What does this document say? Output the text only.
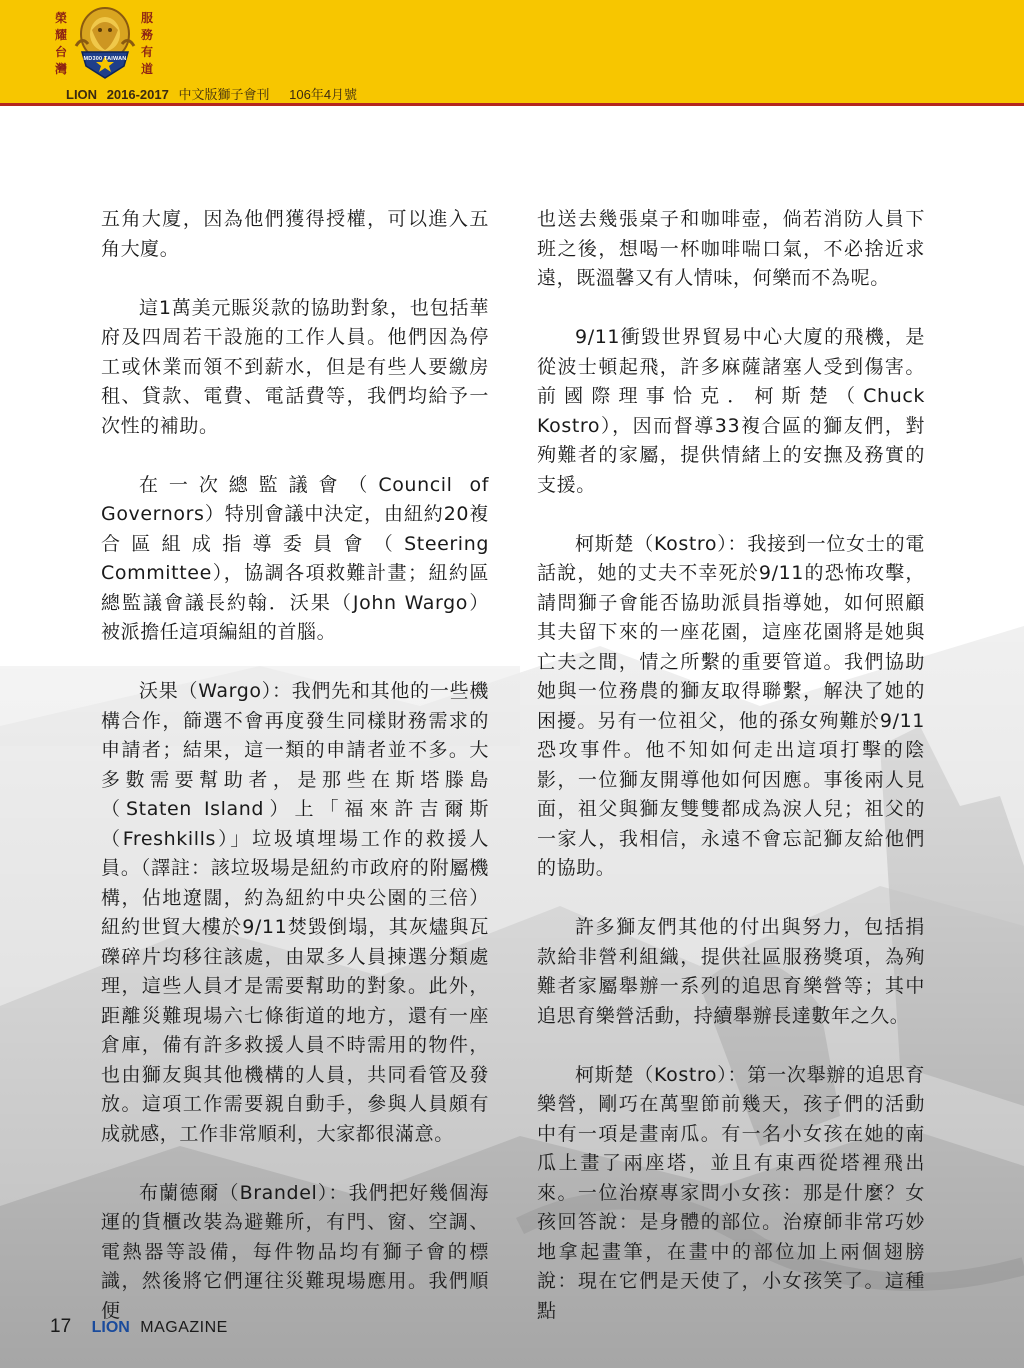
榮
耀
台
灣
MD300 TAIWAN
服
務
有
道
LION 2016-2017 中文版獅子會刊 106年4月號

五角大廈，因為他們獲得授權，可以進入五角大廈。

這1萬美元賑災款的協助對象，也包括華府及四周若干設施的工作人員。他們因為停工或休業而領不到薪水，但是有些人要繳房租、貸款、電費、電話費等，我們均給予一次性的補助。

在一次總監議會（Council of Governors）特別會議中決定，由紐約20複合區組成指導委員會（Steering Committee），協調各項救難計畫；紐約區總監議會議長約翰．沃果（John Wargo）被派擔任這項編組的首腦。

沃果（Wargo）：我們先和其他的一些機構合作，篩選不會再度發生同樣財務需求的申請者；結果，這一類的申請者並不多。大多數需要幫助者，是那些在斯塔滕島（Staten Island）上「福來許吉爾斯（Freshkills）」垃圾填埋場工作的救援人員。（譯註：該垃圾場是紐約市政府的附屬機構，佔地遼闊，約為紐約中央公園的三倍）紐約世貿大樓於9/11焚毀倒塌，其灰燼與瓦礫碎片均移往該處，由眾多人員揀選分類處理，這些人員才是需要幫助的對象。此外，距離災難現場六七條街道的地方，還有一座倉庫，備有許多救援人員不時需用的物件，也由獅友與其他機構的人員，共同看管及發放。這項工作需要親自動手，參與人員頗有成就感，工作非常順利，大家都很滿意。

布蘭德爾（Brandel）：我們把好幾個海運的貨櫃改裝為避難所，有門、窗、空調、電熱器等設備，每件物品均有獅子會的標識，然後將它們運往災難現場應用。我們順便

也送去幾張桌子和咖啡壺，倘若消防人員下班之後，想喝一杯咖啡喘口氣，不必捨近求遠，既溫馨又有人情味，何樂而不為呢。

9/11衝毀世界貿易中心大廈的飛機，是從波士頓起飛，許多麻薩諸塞人受到傷害。前國際理事恰克．柯斯楚（Chuck Kostro），因而督導33複合區的獅友們，對殉難者的家屬，提供情緒上的安撫及務實的支援。

柯斯楚（Kostro）：我接到一位女士的電話說，她的丈夫不幸死於9/11的恐怖攻擊，請問獅子會能否協助派員指導她，如何照顧其夫留下來的一座花園，這座花園將是她與亡夫之間，情之所繫的重要管道。我們協助她與一位務農的獅友取得聯繫，解決了她的困擾。另有一位祖父，他的孫女殉難於9/11恐攻事件。他不知如何走出這項打擊的陰影，一位獅友開導他如何因應。事後兩人見面，祖父與獅友雙雙都成為淚人兒；祖父的一家人，我相信，永遠不會忘記獅友給他們的協助。

許多獅友們其他的付出與努力，包括捐款給非營利組織，提供社區服務獎項，為殉難者家屬舉辦一系列的追思育樂營等；其中追思育樂營活動，持續舉辦長達數年之久。

柯斯楚（Kostro）：第一次舉辦的追思育樂營，剛巧在萬聖節前幾天，孩子們的活動中有一項是畫南瓜。有一名小女孩在她的南瓜上畫了兩座塔，並且有東西從塔裡飛出來。一位治療專家問小女孩：那是什麼？女孩回答說：是身體的部位。治療師非常巧妙地拿起畫筆，在畫中的部位加上兩個翅膀說：現在它們是天使了，小女孩笑了。這種點

17 LION MAGAZINE
